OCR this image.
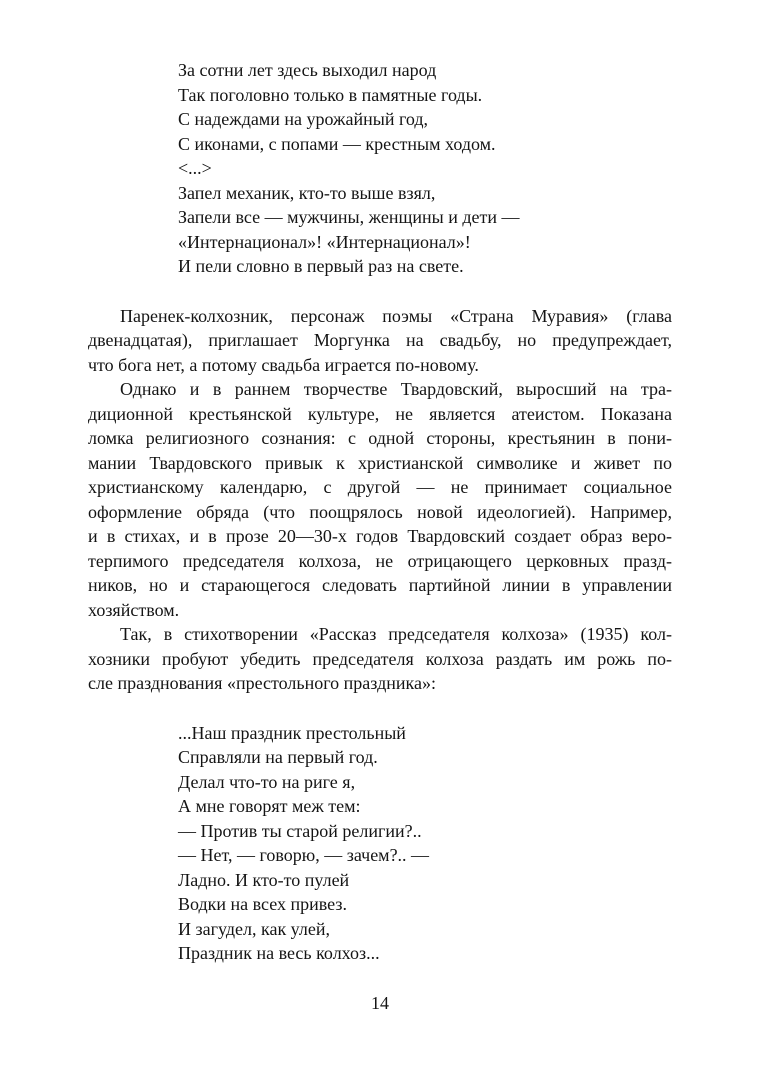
За сотни лет здесь выходил народ
Так поголовно только в памятные годы.
С надеждами на урожайный год,
С иконами, с попами — крестным ходом.
<...>
Запел механик, кто-то выше взял,
Запели все — мужчины, женщины и дети —
«Интернационал»! «Интернационал»!
И пели словно в первый раз на свете.
Паренек-колхозник, персонаж поэмы «Страна Муравия» (глава
двенадцатая), приглашает Моргунка на свадьбу, но предупреждает,
что бога нет, а потому свадьба играется по-новому.
Однако и в раннем творчестве Твардовский, выросший на тра-
диционной крестьянской культуре, не является атеистом. Показана
ломка религиозного сознания: с одной стороны, крестьянин в пони-
мании Твардовского привык к христианской символике и живет по
христианскому календарю, с другой — не принимает социальное
оформление обряда (что поощрялось новой идеологией). Например,
и в стихах, и в прозе 20—30-х годов Твардовский создает образ веро-
терпимого председателя колхоза, не отрицающего церковных празд-
ников, но и старающегося следовать партийной линии в управлении
хозяйством.
Так, в стихотворении «Рассказ председателя колхоза» (1935) кол-
хозники пробуют убедить председателя колхоза раздать им рожь по-
сле празднования «престольного праздника»:
...Наш праздник престольный
Справляли на первый год.
Делал что-то на риге я,
А мне говорят меж тем:
— Против ты старой религии?..
— Нет, — говорю, — зачем?.. —
Ладно. И кто-то пулей
Водки на всех привез.
И загудел, как улей,
Праздник на весь колхоз...
14
